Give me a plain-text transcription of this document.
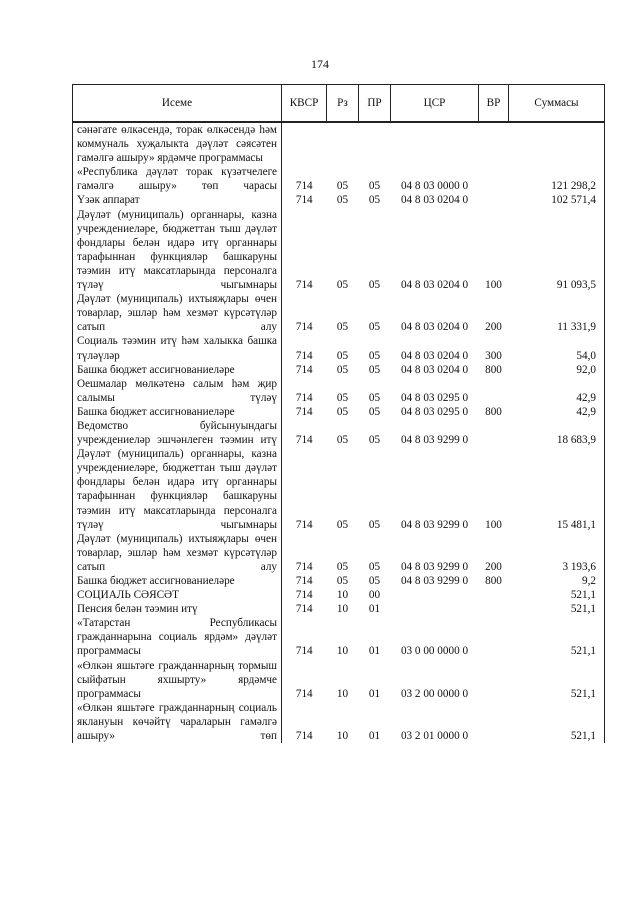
174
Исеме	КВСР	Рз	ПР	ЦСР	ВР	Суммасы
сәнәгате өлкәсендә, торак өлкәсендә һәм коммуналь хуҗалыкта дәүләт сәясәтен гамәлгә ашыру» ярдәмче программасы						
«Республика дәүләт торак күзәтчелеге гамәлгә ашыру» төп чарасы	714	05	05	04 8 03 0000 0		121 298,2
Үзәк аппарат	714	05	05	04 8 03 0204 0		102 571,4
Дәүләт (муниципаль) органнары, казна учреждениеләре, бюджеттан тыш дәүләт фондлары белән идарә итү органнары тарафыннан функцияләр башкаруны тәэмин итү максатларында персоналга түләү чыгымнары	714	05	05	04 8 03 0204 0	100	91 093,5
Дәүләт (муниципаль) ихтыяҗлары өчен товарлар, эшләр һәм хезмәт күрсәтүләр сатып алу	714	05	05	04 8 03 0204 0	200	11 331,9
Социаль тәэмин итү һәм халыкка башка түләүләр	714	05	05	04 8 03 0204 0	300	54,0
Башка бюджет ассигнованиеләре	714	05	05	04 8 03 0204 0	800	92,0
Оешмалар мөлкәтенә салым һәм җир салымы түләү	714	05	05	04 8 03 0295 0		42,9
Башка бюджет ассигнованиеләре	714	05	05	04 8 03 0295 0	800	42,9
Ведомство буйсынуындагы учреждениеләр эшчәнлеген тәэмин итү	714	05	05	04 8 03 9299 0		18 683,9
Дәүләт (муниципаль) органнары, казна учреждениеләре, бюджеттан тыш дәүләт фондлары белән идарә итү органнары тарафыннан функцияләр башкаруны тәэмин итү максатларында персоналга түләү чыгымнары	714	05	05	04 8 03 9299 0	100	15 481,1
Дәүләт (муниципаль) ихтыяҗлары өчен товарлар, эшләр һәм хезмәт күрсәтүләр сатып алу	714	05	05	04 8 03 9299 0	200	3 193,6
Башка бюджет ассигнованиеләре	714	05	05	04 8 03 9299 0	800	9,2
СОЦИАЛЬ СӘЯСӘТ	714	10	00			521,1
Пенсия белән тәэмин итү	714	10	01			521,1
«Татарстан Республикасы гражданнарына социаль ярдәм» дәүләт программасы	714	10	01	03 0 00 0000 0		521,1
«Өлкән яшьтәге гражданнарның тормыш сыйфатын яхшырту» ярдәмче программасы	714	10	01	03 2 00 0000 0		521,1
«Өлкән яшьтәге гражданнарның социаль яклануын көчәйтү чараларын гамәлгә ашыру» төп	714	10	01	03 2 01 0000 0		521,1
